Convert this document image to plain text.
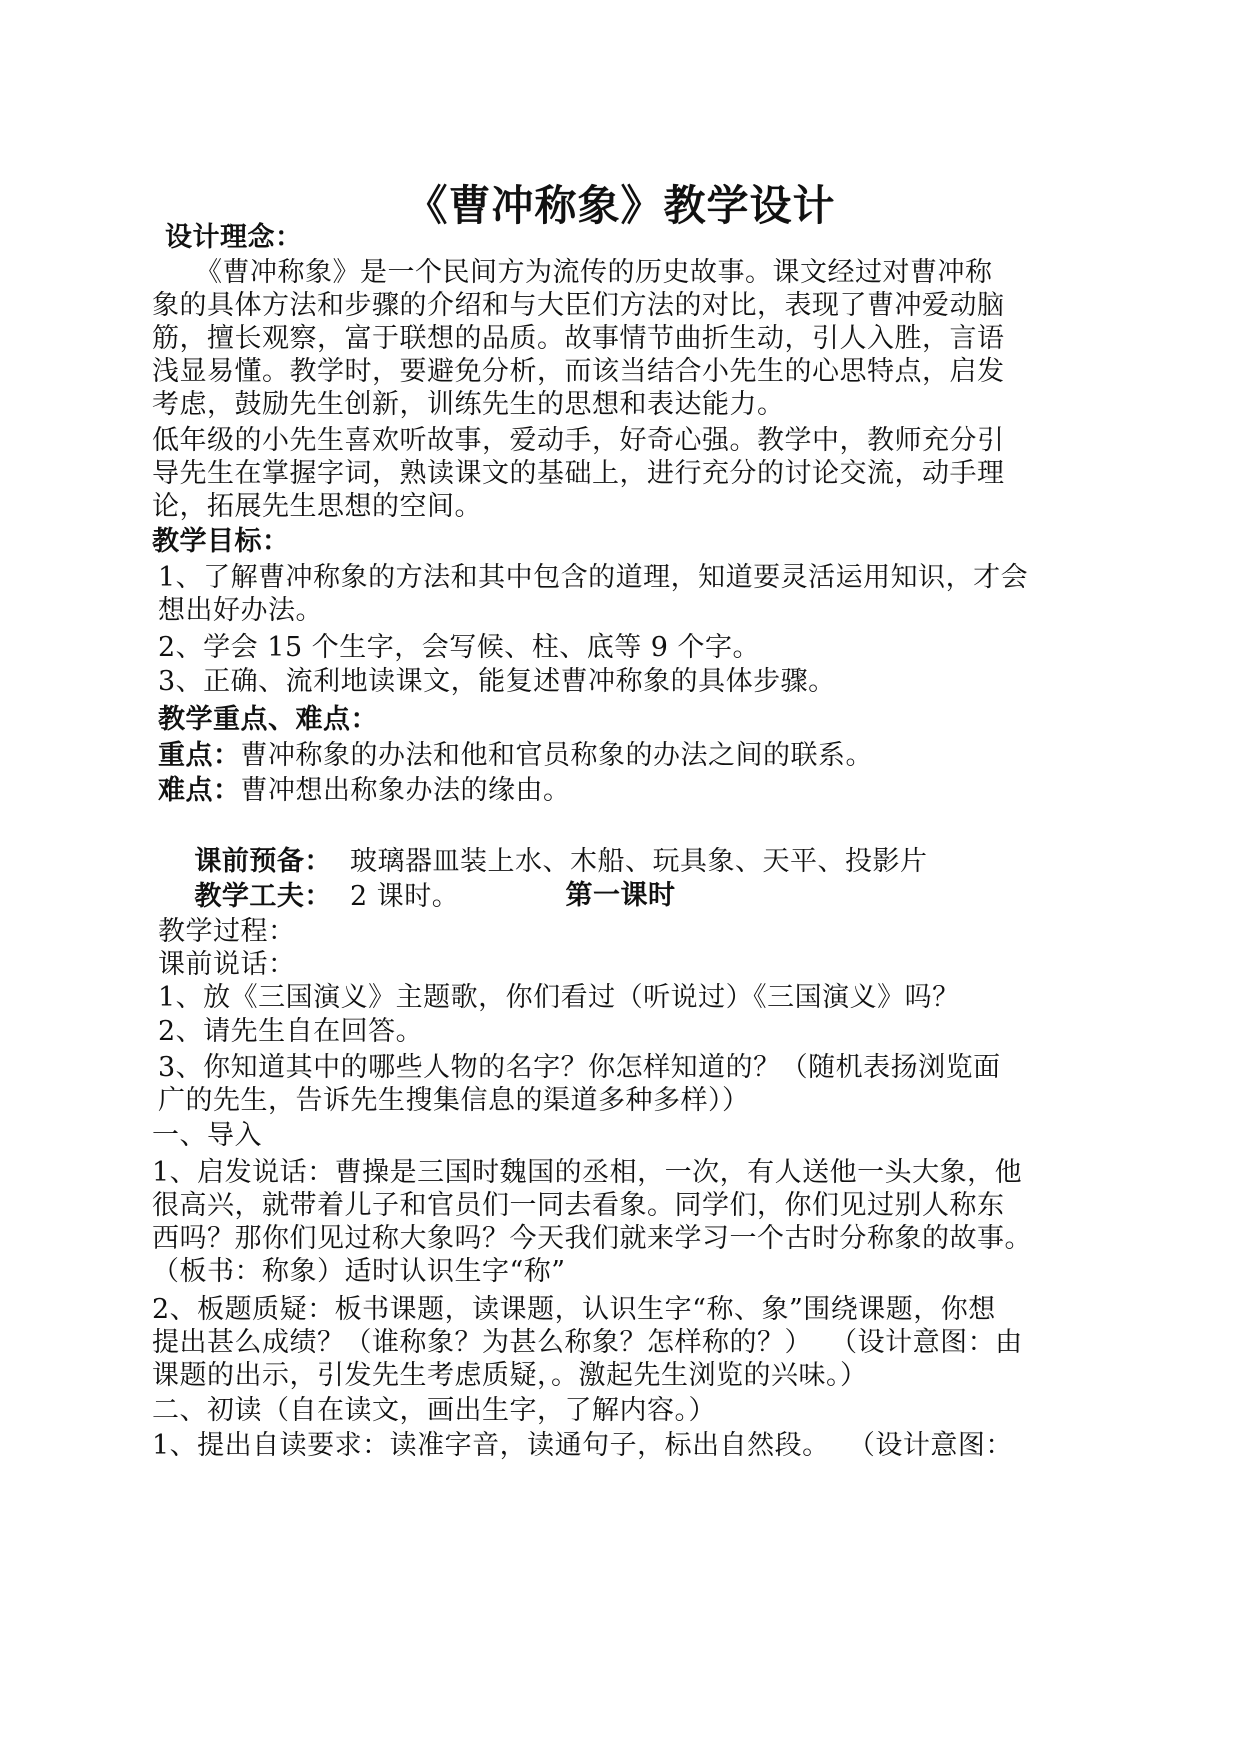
《曹冲称象》教学设计
设计理念：
《曹冲称象》是一个民间方为流传的历史故事。课文经过对曹冲称
象的具体方法和步骤的介绍和与大臣们方法的对比，表现了曹冲爱动脑
筋，擅长观察，富于联想的品质。故事情节曲折生动，引人入胜，言语
浅显易懂。教学时，要避免分析，而该当结合小先生的心思特点，启发
考虑，鼓励先生创新，训练先生的思想和表达能力。
低年级的小先生喜欢听故事，爱动手，好奇心强。教学中，教师充分引
导先生在掌握字词，熟读课文的基础上，进行充分的讨论交流，动手理
论，拓展先生思想的空间。
教学目标：
1、了解曹冲称象的方法和其中包含的道理，知道要灵活运用知识，才会
想出好办法。
2、学会 15 个生字，会写候、柱、底等 9 个字。
3、正确、流利地读课文，能复述曹冲称象的具体步骤。
教学重点、难点：
重点：曹冲称象的办法和他和官员称象的办法之间的联系。
难点：曹冲想出称象办法的缘由。

课前预备：  玻璃器皿装上水、木船、玩具象、天平、投影片

教学工夫：  2 课时。
	第一课时
教学过程：
课前说话：
1、放《三国演义》主题歌，你们看过（听说过）《三国演义》吗？
2、请先生自在回答。
3、你知道其中的哪些人物的名字？你怎样知道的？（随机表扬浏览面
广的先生，告诉先生搜集信息的渠道多种多样））
一、导入
1、启发说话：曹操是三国时魏国的丞相，一次，有人送他一头大象，他
很高兴，就带着儿子和官员们一同去看象。同学们，你们见过别人称东
西吗？那你们见过称大象吗？今天我们就来学习一个古时分称象的故事。
（板书：称象）适时认识生字“称”
2、板题质疑：板书课题，读课题，认识生字“称、象”围绕课题，你想
提出甚么成绩？（谁称象？为甚么称象？怎样称的？）  （设计意图：由
课题的出示，引发先生考虑质疑，。激起先生浏览的兴味。）
二、初读（自在读文，画出生字，了解内容。）
1、提出自读要求：读准字音，读通句子，标出自然段。  （设计意图：
